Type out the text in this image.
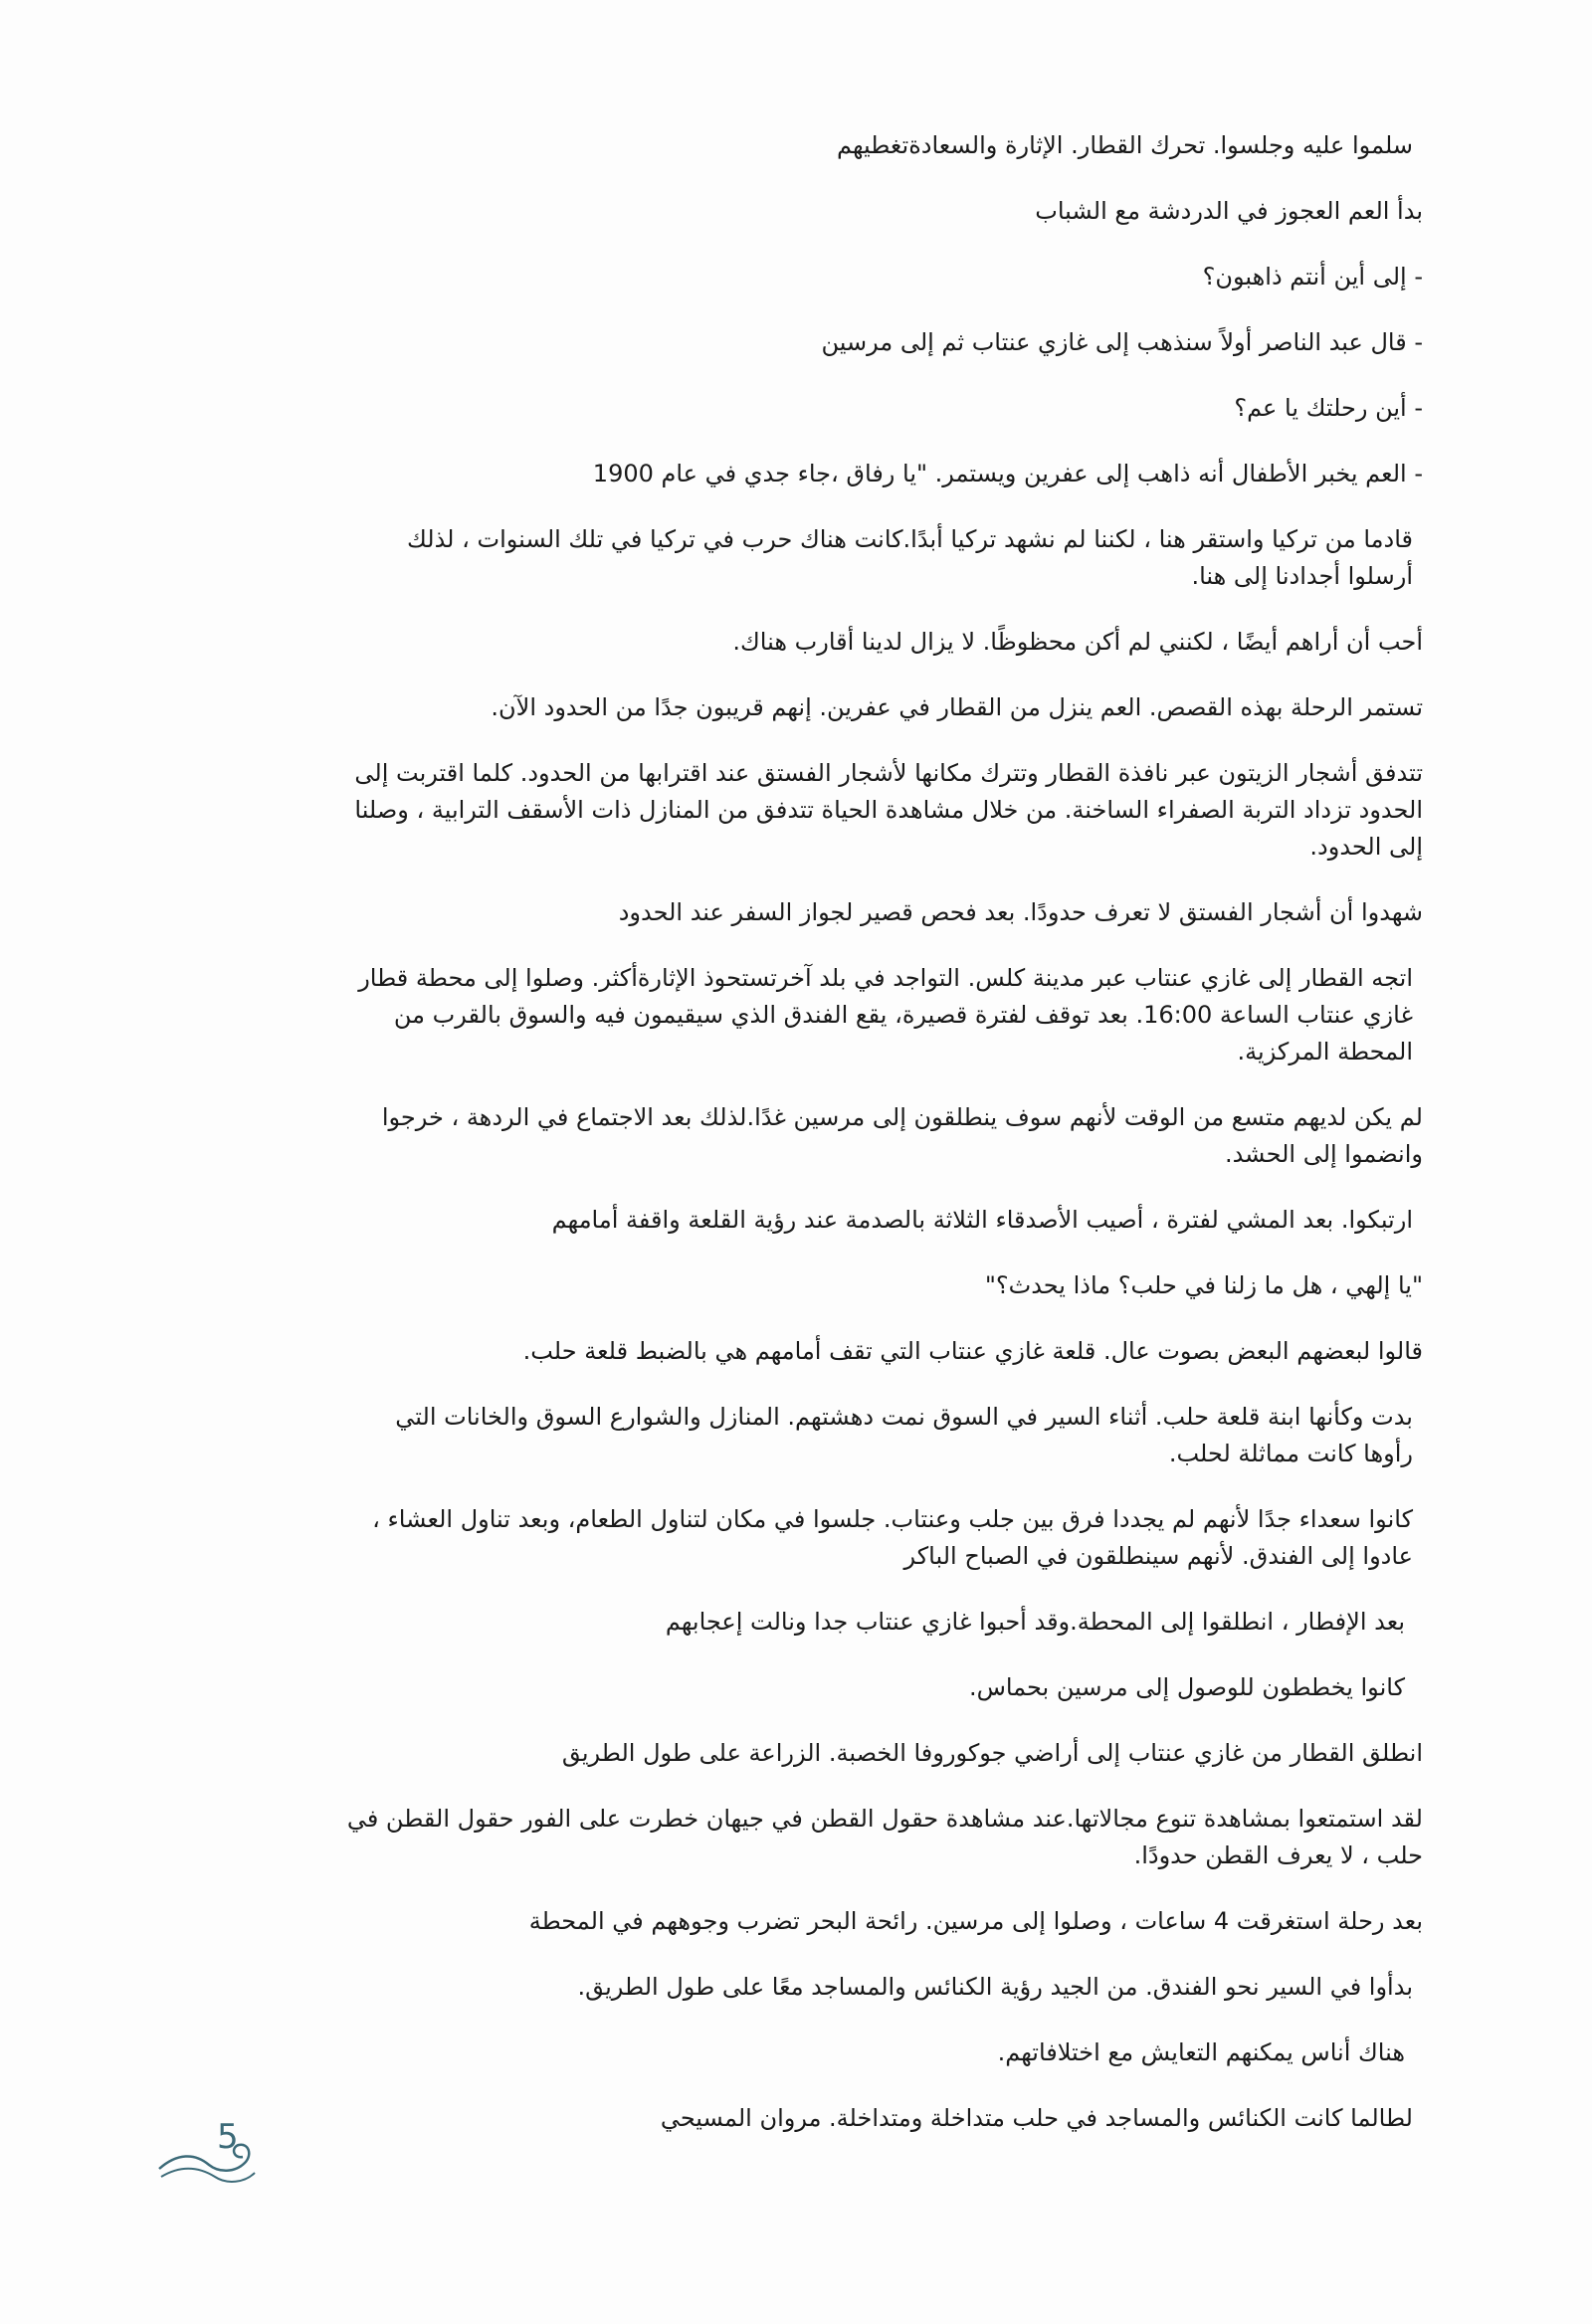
سلموا عليه وجلسوا. تحرك القطار. الإثارة والسعادةتغطيهم

بدأ العم العجوز في الدردشة مع الشباب

- إلى أين أنتم ذاهبون؟

- قال عبد الناصر أولاً سنذهب إلى غازي عنتاب ثم إلى مرسين

- أين رحلتك يا عم؟

- العم يخبر الأطفال أنه ذاهب إلى عفرين ويستمر. "يا رفاق ،جاء جدي في عام 1900

قادما من تركيا واستقر هنا ، لكننا لم نشهد تركيا أبدًا.كانت هناك حرب في تركيا في تلك السنوات ، لذلك أرسلوا أجدادنا إلى هنا.

أحب أن أراهم أيضًا ، لكنني لم أكن محظوظًا. لا يزال لدينا أقارب هناك.

تستمر الرحلة بهذه القصص. العم ينزل من القطار في عفرين. إنهم قريبون جدًا من الحدود الآن.

تتدفق أشجار الزيتون عبر نافذة القطار وتترك مكانها لأشجار الفستق عند اقترابها من الحدود. كلما اقتربت إلى الحدود تزداد التربة الصفراء الساخنة. من خلال مشاهدة الحياة تتدفق من المنازل ذات الأسقف الترابية ، وصلنا إلى الحدود.

شهدوا أن أشجار الفستق لا تعرف حدودًا. بعد فحص قصير لجواز السفر عند الحدود

اتجه القطار إلى غازي عنتاب عبر مدينة كلس. التواجد في بلد آخرتستحوذ الإثارةأكثر. وصلوا إلى محطة قطار غازي عنتاب الساعة 16:00. بعد توقف لفترة قصيرة، يقع الفندق الذي سيقيمون فيه والسوق بالقرب من المحطة المركزية.

لم يكن لديهم متسع من الوقت لأنهم سوف ينطلقون إلى مرسين غدًا.لذلك بعد الاجتماع في الردهة ، خرجوا وانضموا إلى الحشد.

ارتبكوا. بعد المشي لفترة ، أصيب الأصدقاء الثلاثة بالصدمة عند رؤية القلعة واقفة أمامهم

"يا إلهي ، هل ما زلنا في حلب؟ ماذا يحدث؟"

قالوا لبعضهم البعض بصوت عال. قلعة غازي عنتاب التي تقف أمامهم هي بالضبط قلعة حلب.

بدت وكأنها ابنة قلعة حلب. أثناء السير في السوق نمت دهشتهم. المنازل والشوارع السوق والخانات التي رأوها كانت مماثلة لحلب.

كانوا سعداء جدًا لأنهم لم يجددا فرق بين جلب وعنتاب. جلسوا في مكان لتناول الطعام، وبعد تناول العشاء ، عادوا إلى الفندق. لأنهم سينطلقون في الصباح الباكر

بعد الإفطار ، انطلقوا إلى المحطة.وقد أحبوا غازي عنتاب جدا ونالت إعجابهم

كانوا يخططون للوصول إلى مرسين بحماس.

انطلق القطار من غازي عنتاب إلى أراضي جوكوروفا الخصبة. الزراعة على طول الطريق

لقد استمتعوا بمشاهدة تنوع مجالاتها.عند مشاهدة حقول القطن في جيهان خطرت على الفور حقول القطن في حلب ، لا يعرف القطن حدودًا.

بعد رحلة استغرقت 4 ساعات ، وصلوا إلى مرسين. رائحة البحر تضرب وجوههم في المحطة

بدأوا في السير نحو الفندق. من الجيد رؤية الكنائس والمساجد معًا على طول الطريق.

هناك أناس يمكنهم التعايش مع اختلافاتهم.

لطالما كانت الكنائس والمساجد في حلب متداخلة ومتداخلة. مروان المسيحي

5
